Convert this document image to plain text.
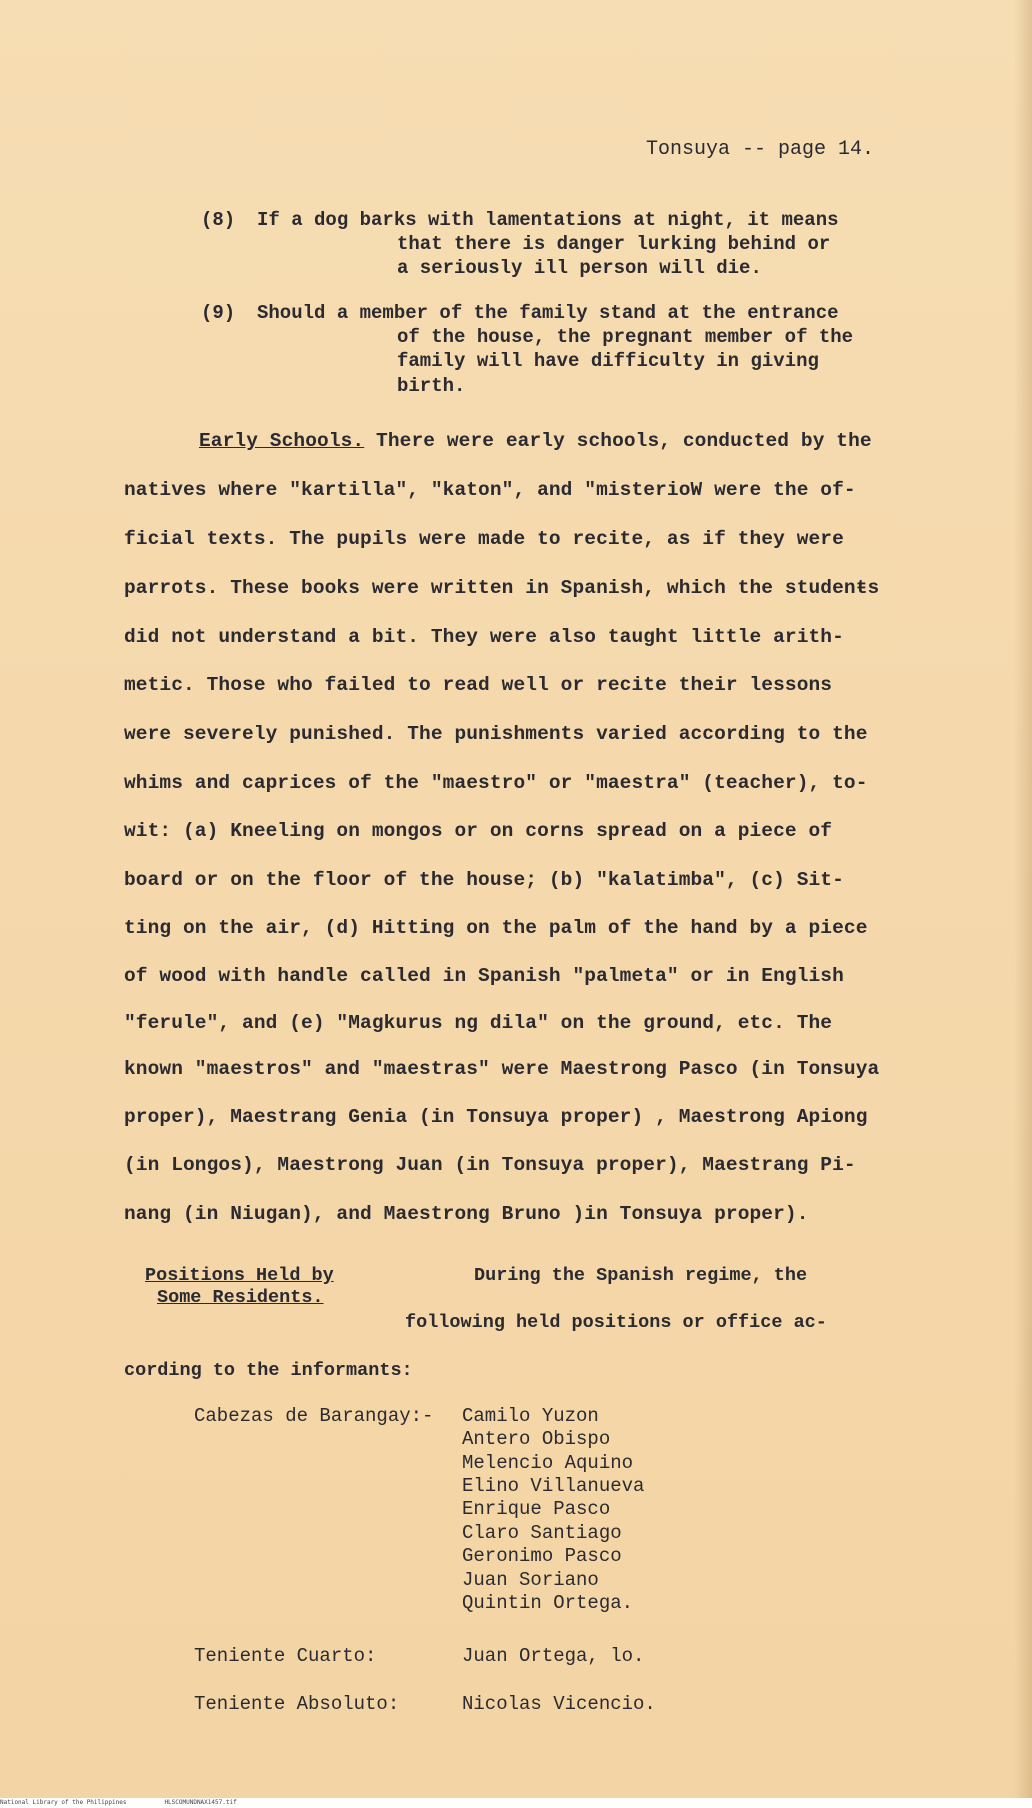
Tonsuya -- page 14.
(8) If a dog barks with lamentations at night, it means
that there is danger lurking behind or
a seriously ill person will die.
(9) Should a member of the family stand at the entrance
of the house, the pregnant member of the
family will have difficulty in giving
birth.
Early Schools. There were early schools, conducted by the
natives where "kartilla", "katon", and "misterioW were the of-
ficial texts. The pupils were made to recite, as if they were
parrots. These books were written in Spanish, which the studenŧs
did not understand a bit. They were also taught little arith-
metic. Those who failed to read well or recite their lessons
were severely punished. The punishments varied according to the
whims and caprices of the "maestro" or "maestra" (teacher), to-
wit: (a) Kneeling on mongos or on corns spread on a piece of
board or on the floor of the house; (b) "kalatimba", (c) Sit-
ting on the air, (d) Hitting on the palm of the hand by a piece
of wood with handle called in Spanish "palmeta" or in English
"ferule", and (e) "Magkurus ng dila" on the ground, etc. The
known "maestros" and "maestras" were Maestrong Pasco (in Tonsuya
proper), Maestrang Genia (in Tonsuya proper) , Maestrong Apiong
(in Longos), Maestrong Juan (in Tonsuya proper), Maestrang Pi-
nang (in Niugan), and Maestrong Bruno )in Tonsuya proper).
Positions Held by
Some Residents.
During the Spanish regime, the
following held positions or office ac-
cording to the informants:
Cabezas de Barangay:- Camilo Yuzon
Antero Obispo
Melencio Aquino
Elino Villanueva
Enrique Pasco
Claro Santiago
Geronimo Pasco
Juan Soriano
Quintin Ortega.
Teniente Cuarto:	Juan Ortega, lo.
Teniente Absoluto:	Nicolas Vicencio.
National Library of the Philippines	HLSCOMUNDNAX1457.tif
